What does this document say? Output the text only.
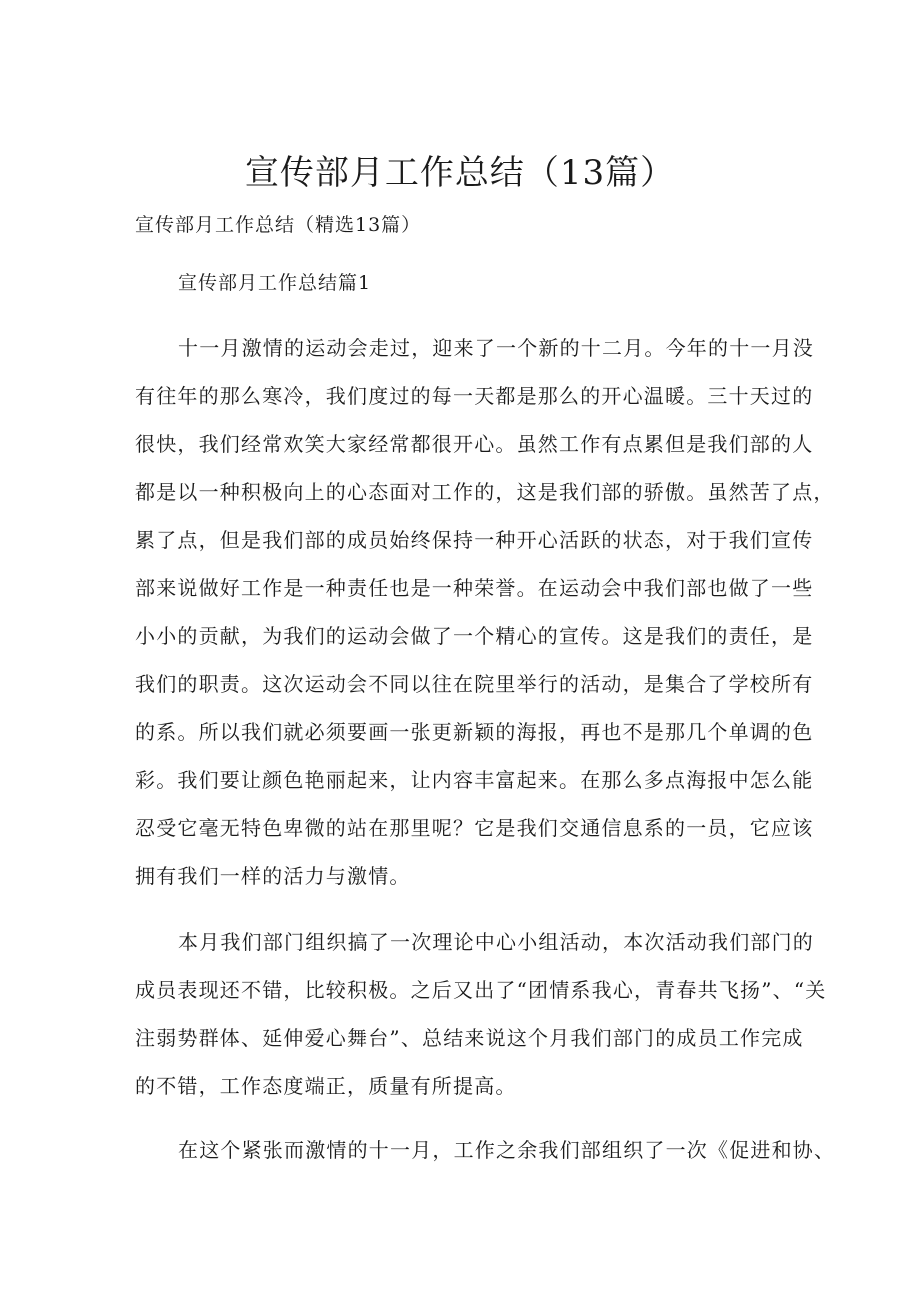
宣传部月工作总结（13篇）

宣传部月工作总结（精选13篇）

宣传部月工作总结篇1

十一月激情的运动会走过，迎来了一个新的十二月。今年的十一月没
有往年的那么寒冷，我们度过的每一天都是那么的开心温暖。三十天过的
很快，我们经常欢笑大家经常都很开心。虽然工作有点累但是我们部的人
都是以一种积极向上的心态面对工作的，这是我们部的骄傲。虽然苦了点，
累了点，但是我们部的成员始终保持一种开心活跃的状态，对于我们宣传
部来说做好工作是一种责任也是一种荣誉。在运动会中我们部也做了一些
小小的贡献，为我们的运动会做了一个精心的宣传。这是我们的责任，是
我们的职责。这次运动会不同以往在院里举行的活动，是集合了学校所有
的系。所以我们就必须要画一张更新颖的海报，再也不是那几个单调的色
彩。我们要让颜色艳丽起来，让内容丰富起来。在那么多点海报中怎么能
忍受它毫无特色卑微的站在那里呢？它是我们交通信息系的一员，它应该
拥有我们一样的活力与激情。
本月我们部门组织搞了一次理论中心小组活动，本次活动我们部门的
成员表现还不错，比较积极。之后又出了“团情系我心，青春共飞扬”、“关
注弱势群体、延伸爱心舞台”、总结来说这个月我们部门的成员工作完成
的不错，工作态度端正，质量有所提高。
在这个紧张而激情的十一月，工作之余我们部组织了一次《促进和协、
